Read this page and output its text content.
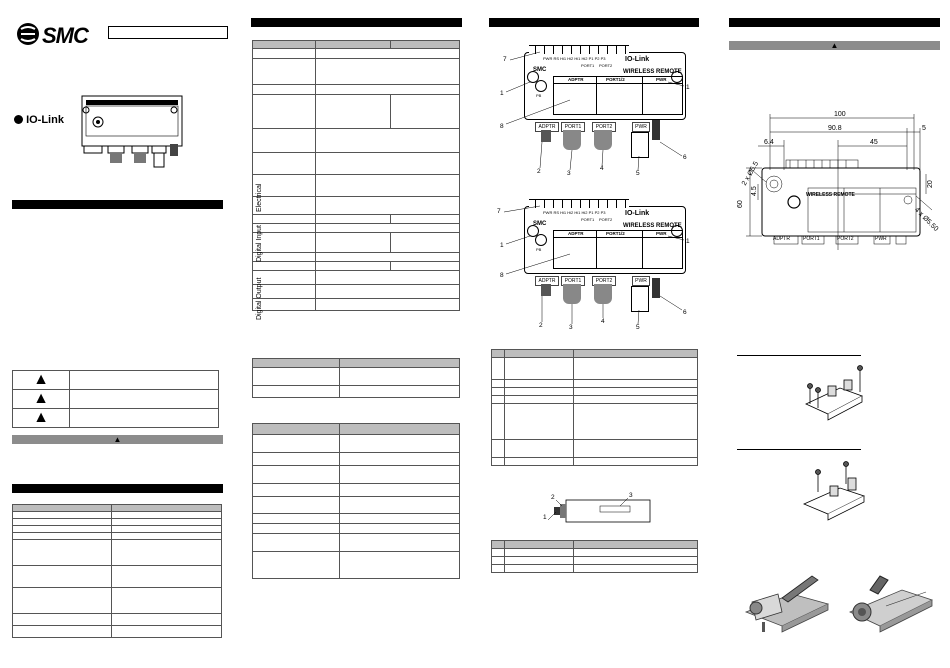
SMC
IO-Link
▲	
▲	
▲	
▲

Electrical
Digital Input
Digital Output

PWR RS Hi1 Hi2 Hi1 Hi2 P1 P2 P3	IO-Link
PORT1 PORT2
WIRELESS REMOTE
SMC
PB
ADPTR	PORT1/2	PWR
ADPTR	PORT1	PORT2	PWR
7
1
1
8
2	3
4
5
6
PWR RS Hi1 Hi2 Hi1 Hi2 P1 P2 P3	IO-Link
PORT1 PORT2
WIRELESS REMOTE
SMC
PB
ADPTR	PORT1/2	PWR
ADPTR	PORT1	PORT2	PWR
7
1
1
8
2	3
4
5
6

2	3
1

▲
100
90.8	5
6.4	45
60
4.5
20
2 x Ø5.5
4 x Ø5.50
ADPTR	PORT1	PORT2	PWR
WIRELESS REMOTE
